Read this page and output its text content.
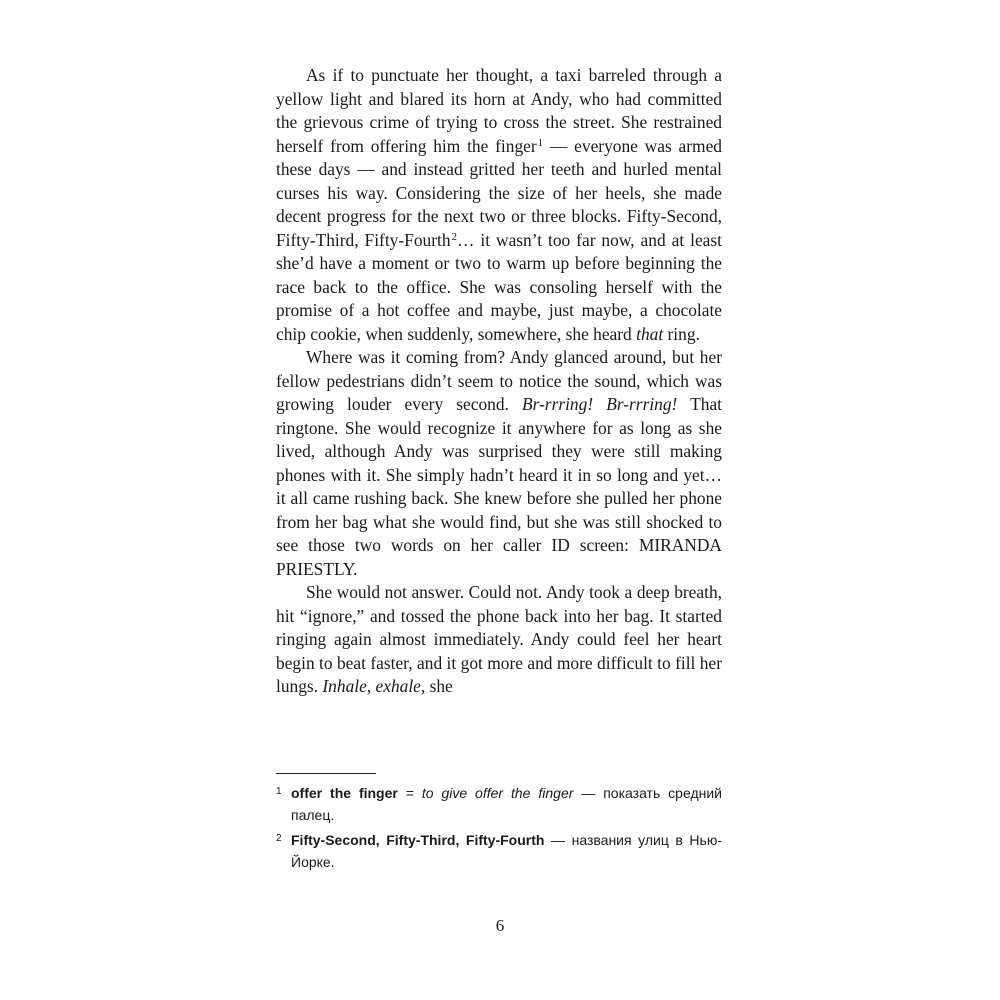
As if to punctuate her thought, a taxi barreled through a yellow light and blared its horn at Andy, who had committed the grievous crime of trying to cross the street. She restrained herself from offering him the finger$^1$ — everyone was armed these days — and instead gritted her teeth and hurled mental curses his way. Considering the size of her heels, she made decent progress for the next two or three blocks. Fifty-Second, Fifty-Third, Fifty-Fourth$^2$… it wasn’t too far now, and at least she’d have a moment or two to warm up before beginning the race back to the office. She was consoling herself with the promise of a hot coffee and maybe, just maybe, a chocolate chip cookie, when suddenly, somewhere, she heard that ring.

Where was it coming from? Andy glanced around, but her fellow pedestrians didn’t seem to notice the sound, which was growing louder every second. Br-rrring! Br-rrring! That ringtone. She would recognize it anywhere for as long as she lived, although Andy was surprised they were still making phones with it. She simply hadn’t heard it in so long and yet… it all came rushing back. She knew before she pulled her phone from her bag what she would find, but she was still shocked to see those two words on her caller ID screen: MIRANDA PRIESTLY.

She would not answer. Could not. Andy took a deep breath, hit “ignore,” and tossed the phone back into her bag. It started ringing again almost immediately. Andy could feel her heart begin to beat faster, and it got more and more difficult to fill her lungs. Inhale, exhale, she

1 offer the finger = to give offer the finger — показать средний палец.
2 Fifty-Second, Fifty-Third, Fifty-Fourth — названия улиц в Нью-Йорке.
6
